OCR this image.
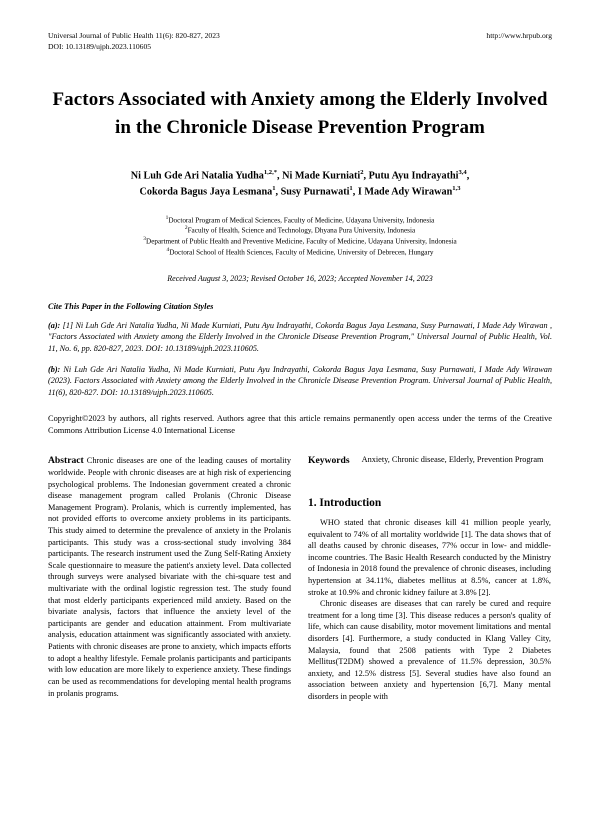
Universal Journal of Public Health 11(6): 820-827, 2023
DOI: 10.13189/ujph.2023.110605
http://www.hrpub.org
Factors Associated with Anxiety among the Elderly Involved in the Chronicle Disease Prevention Program
Ni Luh Gde Ari Natalia Yudha$^{1,2,*}$, Ni Made Kurniati$^2$, Putu Ayu Indrayathi$^{3,4}$,
Cokorda Bagus Jaya Lesmana$^1$, Susy Purnawati$^1$, I Made Ady Wirawan$^{1,3}$
$^1$Doctoral Program of Medical Sciences, Faculty of Medicine, Udayana University, Indonesia
$^2$Faculty of Health, Science and Technology, Dhyana Pura University, Indonesia
$^3$Department of Public Health and Preventive Medicine, Faculty of Medicine, Udayana University, Indonesia
$^4$Doctoral School of Health Sciences, Faculty of Medicine, University of Debrecen, Hungary
Received August 3, 2023; Revised October 16, 2023; Accepted November 14, 2023
Cite This Paper in the Following Citation Styles
(a): [1] Ni Luh Gde Ari Natalia Yudha, Ni Made Kurniati, Putu Ayu Indrayathi, Cokorda Bagus Jaya Lesmana, Susy Purnawati, I Made Ady Wirawan , "Factors Associated with Anxiety among the Elderly Involved in the Chronicle Disease Prevention Program," Universal Journal of Public Health, Vol. 11, No. 6, pp. 820-827, 2023. DOI: 10.13189/ujph.2023.110605.
(b): Ni Luh Gde Ari Natalia Yudha, Ni Made Kurniati, Putu Ayu Indrayathi, Cokorda Bagus Jaya Lesmana, Susy Purnawati, I Made Ady Wirawan (2023). Factors Associated with Anxiety among the Elderly Involved in the Chronicle Disease Prevention Program. Universal Journal of Public Health, 11(6), 820-827. DOI: 10.13189/ujph.2023.110605.
Copyright©2023 by authors, all rights reserved. Authors agree that this article remains permanently open access under the terms of the Creative Commons Attribution License 4.0 International License
Abstract Chronic diseases are one of the leading causes of mortality worldwide. People with chronic diseases are at high risk of experiencing psychological problems. The Indonesian government created a chronic disease management program called Prolanis (Chronic Disease Management Program). Prolanis, which is currently implemented, has not provided efforts to overcome anxiety problems in its participants. This study aimed to determine the prevalence of anxiety in the Prolanis participants. This study was a cross-sectional study involving 384 participants. The research instrument used the Zung Self-Rating Anxiety Scale questionnaire to measure the patient's anxiety level. Data collected through surveys were analysed bivariate with the chi-square test and multivariate with the ordinal logistic regression test. The study found that most elderly participants experienced mild anxiety. Based on the bivariate analysis, factors that influence the anxiety level of the participants are gender and education attainment. From multivariate analysis, education attainment was significantly associated with anxiety. Patients with chronic diseases are prone to anxiety, which impacts efforts to adopt a healthy lifestyle. Female prolanis participants and participants with low education are more likely to experience anxiety. These findings can be used as recommendations for developing mental health programs in prolanis programs.
Keywords Anxiety, Chronic disease, Elderly, Prevention Program
1. Introduction
WHO stated that chronic diseases kill 41 million people yearly, equivalent to 74% of all mortality worldwide [1]. The data shows that of all deaths caused by chronic diseases, 77% occur in low- and middle-income countries. The Basic Health Research conducted by the Ministry of Indonesia in 2018 found the prevalence of chronic diseases, including hypertension at 34.11%, diabetes mellitus at 8.5%, cancer at 1.8%, stroke at 10.9% and chronic kidney failure at 3.8% [2].
Chronic diseases are diseases that can rarely be cured and require treatment for a long time [3]. This disease reduces a person's quality of life, which can cause disability, motor movement limitations and mental disorders [4]. Furthermore, a study conducted in Klang Valley City, Malaysia, found that 2508 patients with Type 2 Diabetes Mellitus(T2DM) showed a prevalence of 11.5% depression, 30.5% anxiety, and 12.5% distress [5]. Several studies have also found an association between anxiety and hypertension [6,7]. Many mental disorders in people with
